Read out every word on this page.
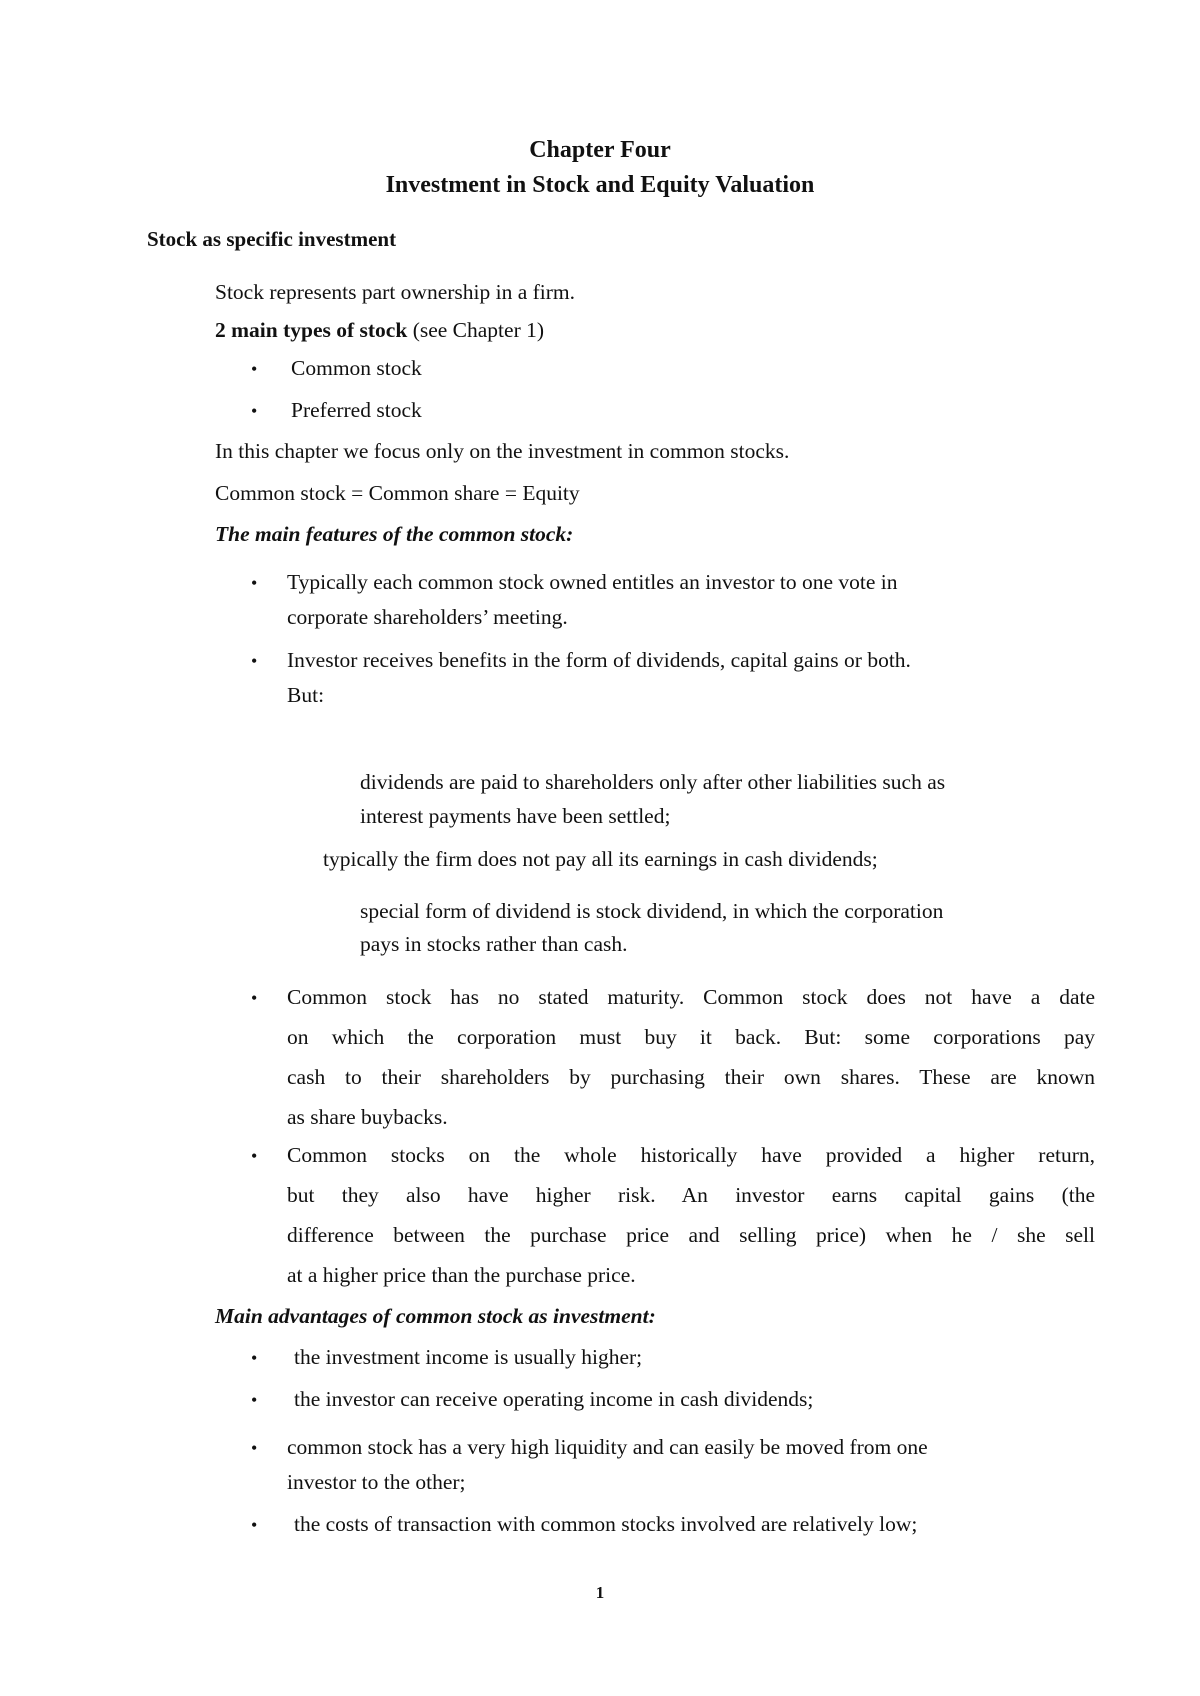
Chapter Four

Investment in Stock and Equity Valuation

Stock as specific investment

Stock represents part ownership in a firm.

2 main types of stock (see Chapter 1)

• Common stock

• Preferred stock

In this chapter we focus only on the investment in common stocks.

Common stock = Common share = Equity

The main features of the common stock:

• Typically each common stock owned entitles an investor to one vote in

corporate shareholders’ meeting.

• Investor receives benefits in the form of dividends, capital gains or both.

But:

dividends are paid to shareholders only after other liabilities such as

interest payments have been settled;

typically the firm does not pay all its earnings in cash dividends;

special form of dividend is stock dividend, in which the corporation

pays in stocks rather than cash.

• Common stock has no stated maturity. Common stock does not have a date

on which the corporation must buy it back. But: some corporations pay

cash to their shareholders by purchasing their own shares. These are known

as share buybacks.

• Common stocks on the whole historically have provided a higher return,

but they also have higher risk. An investor earns capital gains (the

difference between the purchase price and selling price) when he / she sell

at a higher price than the purchase price.

Main advantages of common stock as investment:

• the investment income is usually higher;

• the investor can receive operating income in cash dividends;

• common stock has a very high liquidity and can easily be moved from one

investor to the other;

• the costs of transaction with common stocks involved are relatively low;

1
